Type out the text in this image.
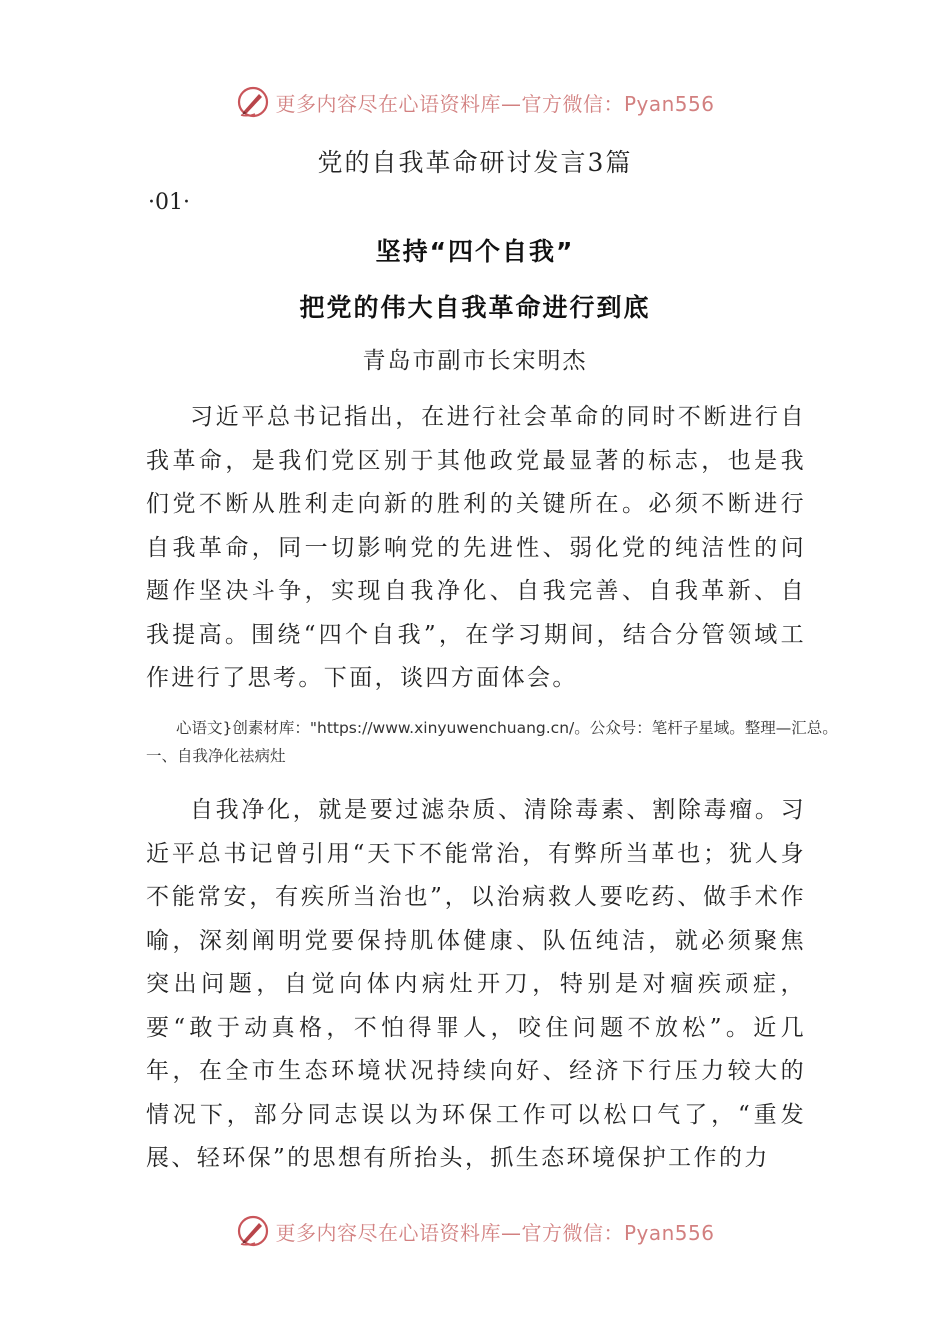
更多内容尽在心语资料库—官方微信：Pyan556
党的自我革命研讨发言3篇
·01·
坚持“四个自我”
把党的伟大自我革命进行到底
青岛市副市长宋明杰

习近平总书记指出，在进行社会革命的同时不断进行自我革命，是我们党区别于其他政党最显著的标志，也是我们党不断从胜利走向新的胜利的关键所在。必须不断进行自我革命，同一切影响党的先进性、弱化党的纯洁性的问题作坚决斗争，实现自我净化、自我完善、自我革新、自我提高。围绕“四个自我”，在学习期间，结合分管领域工作进行了思考。下面，谈四方面体会。

心语文}创素材库："https://www.xinyuwenchuang.cn/。公众号：笔杆子星域。整理—汇总。一、自我净化祛病灶

自我净化，就是要过滤杂质、清除毒素、割除毒瘤。习近平总书记曾引用“天下不能常治，有弊所当革也；犹人身不能常安，有疾所当治也”，以治病救人要吃药、做手术作喻，深刻阐明党要保持肌体健康、队伍纯洁，就必须聚焦突出问题，自觉向体内病灶开刀，特别是对痼疾顽症，要“敢于动真格，不怕得罪人，咬住问题不放松”。近几年，在全市生态环境状况持续向好、经济下行压力较大的情况下，部分同志误以为环保工作可以松口气了，“重发展、轻环保”的思想有所抬头，抓生态环境保护工作的力

更多内容尽在心语资料库—官方微信：Pyan556
